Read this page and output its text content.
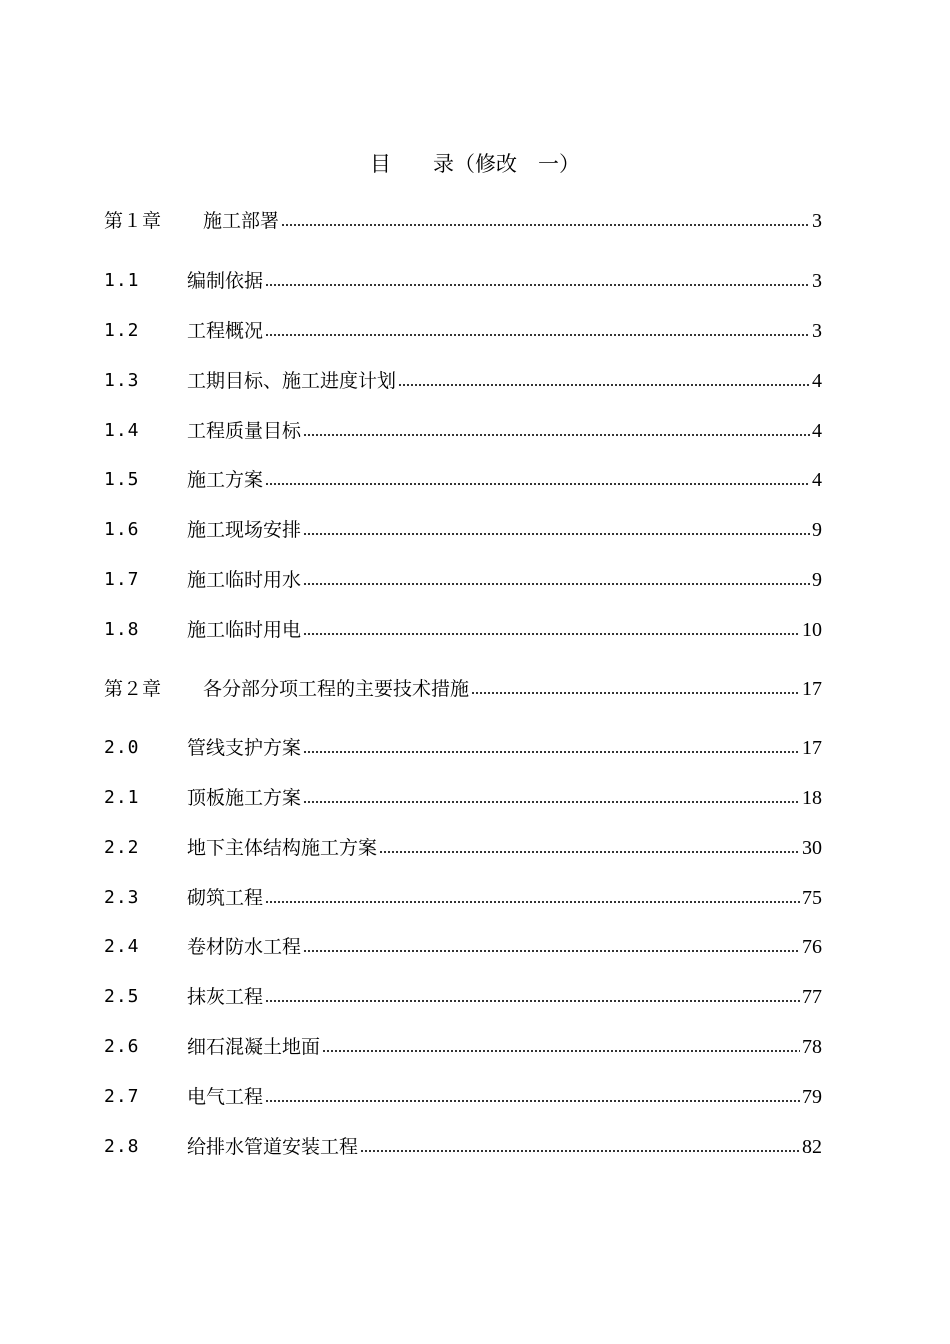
目　　录（修改　一）
第１章	施工部署	3
1.1	编制依据	3
1.2	工程概况	3
1.3	工期目标、施工进度计划	4
1.4	工程质量目标	4
1.5	施工方案	4
1.6	施工现场安排	9
1.7	施工临时用水	9
1.8	施工临时用电	10
第２章	各分部分项工程的主要技术措施	17
2.0	管线支护方案	17
2.1	顶板施工方案	18
2.2	地下主体结构施工方案	30
2.3	砌筑工程	75
2.4	卷材防水工程	76
2.5	抹灰工程	77
2.6	细石混凝土地面	78
2.7	电气工程	79
2.8	给排水管道安装工程	82
